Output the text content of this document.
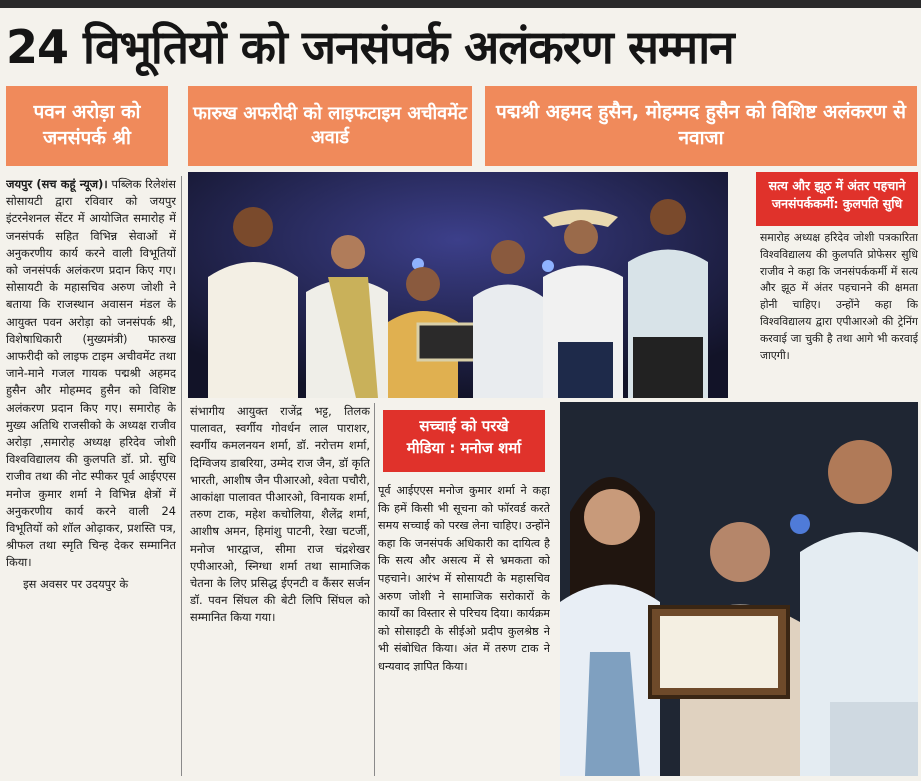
24 विभूतियों को जनसंपर्क अलंकरण सम्मान
पवन अरोड़ा को जनसंपर्क श्री
फारुख अफरीदी को लाइफटाइम अचीवमेंट अवार्ड
पद्मश्री अहमद हुसैन, मोहम्मद हुसैन को विशिष्ट अलंकरण से नवाजा
जयपुर (सच कहूं न्यूज)। पब्लिक रिलेशंस सोसायटी द्वारा रविवार को जयपुर इंटरनेशनल सेंटर में आयोजित समारोह में जनसंपर्क सहित विभिन्न सेवाओं में अनुकरणीय कार्य करने वाली विभूतियों को जनसंपर्क अलंकरण प्रदान किए गए। सोसायटी के महासचिव अरुण जोशी ने बताया कि राजस्थान अवासन मंडल के आयुक्त पवन अरोड़ा को जनसंपर्क श्री, विशेषाधिकारी (मुख्यमंत्री) फारुख आफरीदी को लाइफ टाइम अचीवमेंट तथा जाने-माने गजल गायक पद्मश्री अहमद हुसैन और मोहम्मद हुसैन को विशिष्ट अलंकरण प्रदान किए गए। समारोह के मुख्य अतिथि राजसीको के अध्यक्ष राजीव अरोड़ा ,समारोह अध्यक्ष हरिदेव जोशी विश्वविद्यालय की कुलपति डॉ. प्रो. सुधि राजीव तथा की नोट स्पीकर पूर्व आईएएस मनोज कुमार शर्मा ने विभिन्न क्षेत्रों में अनुकरणीय कार्य करने वाली 24 विभूतियों को शॉल ओढ़ाकर, प्रशस्ति पत्र, श्रीफल तथा स्मृति चिन्ह देकर सम्मानित किया।
इस अवसर पर उदयपुर के
संभागीय आयुक्त राजेंद्र भट्ट, तिलक पालावत, स्वर्गीय गोवर्धन लाल पाराशर, स्वर्गीय कमलनयन शर्मा, डॉ. नरोत्तम शर्मा, दिग्विजय डाबरिया, उम्मेद राज जैन, डॉ कृति भारती, आशीष जैन पीआरओ, श्वेता पचौरी, आकांक्षा पालावत पीआरओ, विनायक शर्मा, तरुण टाक, महेश कचोलिया, शैलेंद्र शर्मा, आशीष अमन, हिमांशु पाटनी, रेखा चटर्जी, मनोज भारद्वाज, सीमा राज चंद्रशेखर एपीआरओ, स्निग्धा शर्मा तथा सामाजिक चेतना के लिए प्रसिद्ध ईएनटी व कैंसर सर्जन डॉ. पवन सिंघल की बेटी लिपि सिंघल को सम्मानित किया गया।
सच्चाई को परखे
मीडिया : मनोज शर्मा
पूर्व आईएएस मनोज कुमार शर्मा ने कहा कि हमें किसी भी सूचना को फॉरवर्ड करते समय सच्चाई को परख लेना चाहिए। उन्होंने कहा कि जनसंपर्क अधिकारी का दायित्व है कि सत्य और असत्य में से भ्रमकता को पहचाने। आरंभ में सोसायटी के महासचिव अरुण जोशी ने सामाजिक सरोकारों के कार्यों का विस्तार से परिचय दिया। कार्यक्रम को सोसाइटी के सीईओ प्रदीप कुलश्रेष्ठ ने भी संबोधित किया। अंत में तरुण टाक ने धन्यवाद ज्ञापित किया।
सत्य और झूठ में अंतर पहचाने
जनसंपर्ककर्मी: कुलपति सुधि
समारोह अध्यक्ष हरिदेव जोशी पत्रकारिता विश्वविद्यालय की कुलपति प्रोफेसर सुधि राजीव ने कहा कि जनसंपर्ककर्मी में सत्य और झूठ में अंतर पहचानने की क्षमता होनी चाहिए। उन्होंने कहा कि विश्वविद्यालय द्वारा एपीआरओ की ट्रेनिंग करवाई जा चुकी है तथा आगे भी करवाई जाएगी।
